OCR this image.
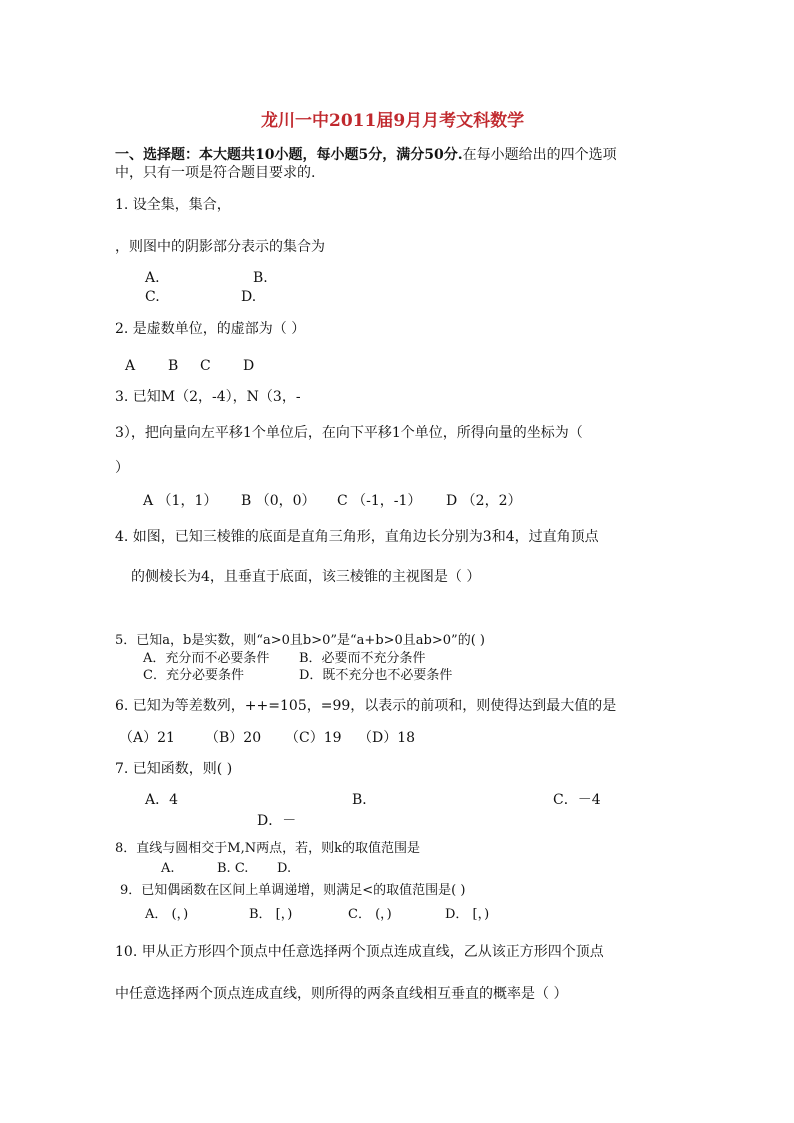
龙川一中2011届9月月考文科数学
一、选择题：本大题共10小题，每小题5分，满分50分.在每小题给出的四个选项
中，只有一项是符合题目要求的.
1. 设全集，集合，
，则图中的阴影部分表示的集合为
A.	B.
C.	D.
2. 是虚数单位，的虚部为（ ）
A B C D
3. 已知M（2，-4），N（3，-
3），把向量向左平移1个单位后，在向下平移1个单位，所得向量的坐标为（
）
A （1，1） B （0，0） C （-1，-1） D （2，2）
4. 如图，已知三棱锥的底面是直角三角形，直角边长分别为3和4，过直角顶点
的侧棱长为4，且垂直于底面，该三棱锥的主视图是（ ）
5．已知a，b是实数，则“a>0且b>0”是“a+b>0且ab>0”的( )
A．充分而不必要条件 B．必要而不充分条件
C．充分必要条件	D．既不充分也不必要条件
6. 已知为等差数列，++=105，=99，以表示的前项和，则使得达到最大值的是
（A）21 （B）20 （C）19 （D）18
7. 已知函数，则( )
A．4	B．	C．－4
D．－
8．直线与圆相交于M,N两点，若，则k的取值范围是
A.	B. C. D.
9．已知偶函数在区间上单调递增，则满足<的取值范围是( )
A． (，)	B． [，)	C． (，)	D． [，)
10. 甲从正方形四个顶点中任意选择两个顶点连成直线，乙从该正方形四个顶点
中任意选择两个顶点连成直线，则所得的两条直线相互垂直的概率是（ ）
